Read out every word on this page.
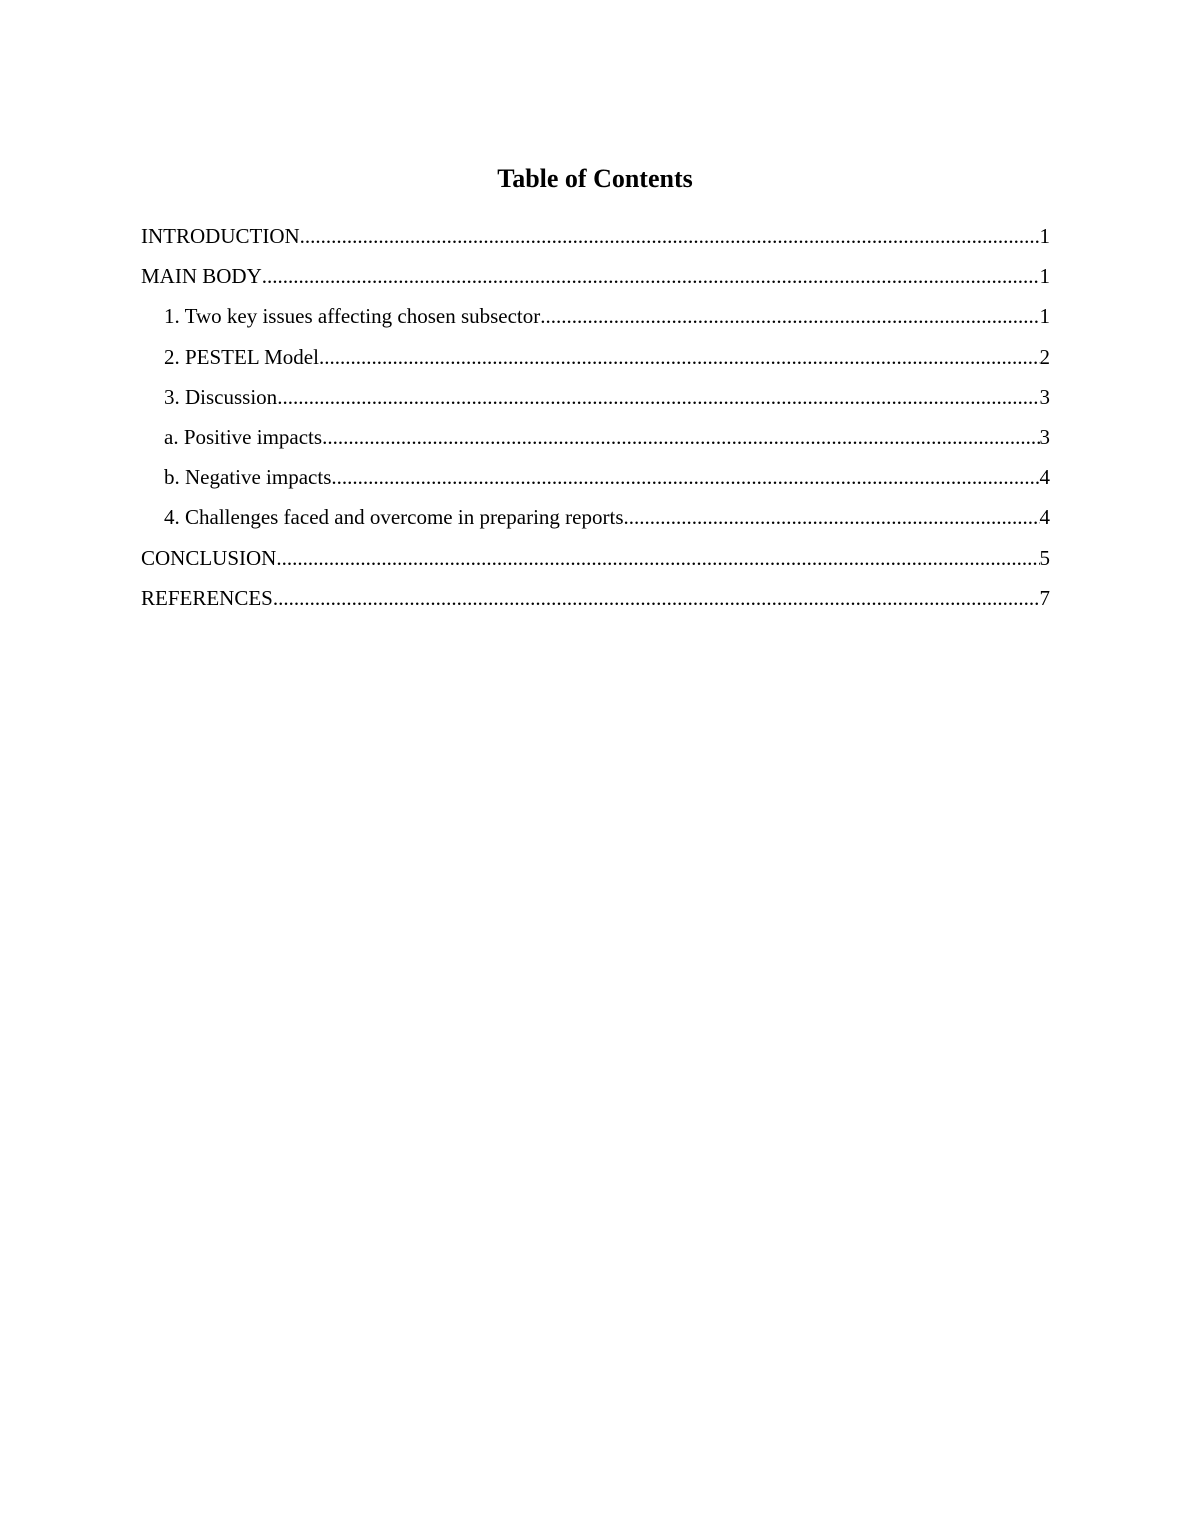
Table of Contents
INTRODUCTION .....	1
MAIN BODY .....	1
1. Two key issues affecting chosen subsector .....	1
2. PESTEL Model .....	2
3. Discussion .....	3
a. Positive impacts .....	3
b. Negative impacts .....	4
4. Challenges faced and overcome in preparing reports .....	4
CONCLUSION .....	5
REFERENCES .....	7
